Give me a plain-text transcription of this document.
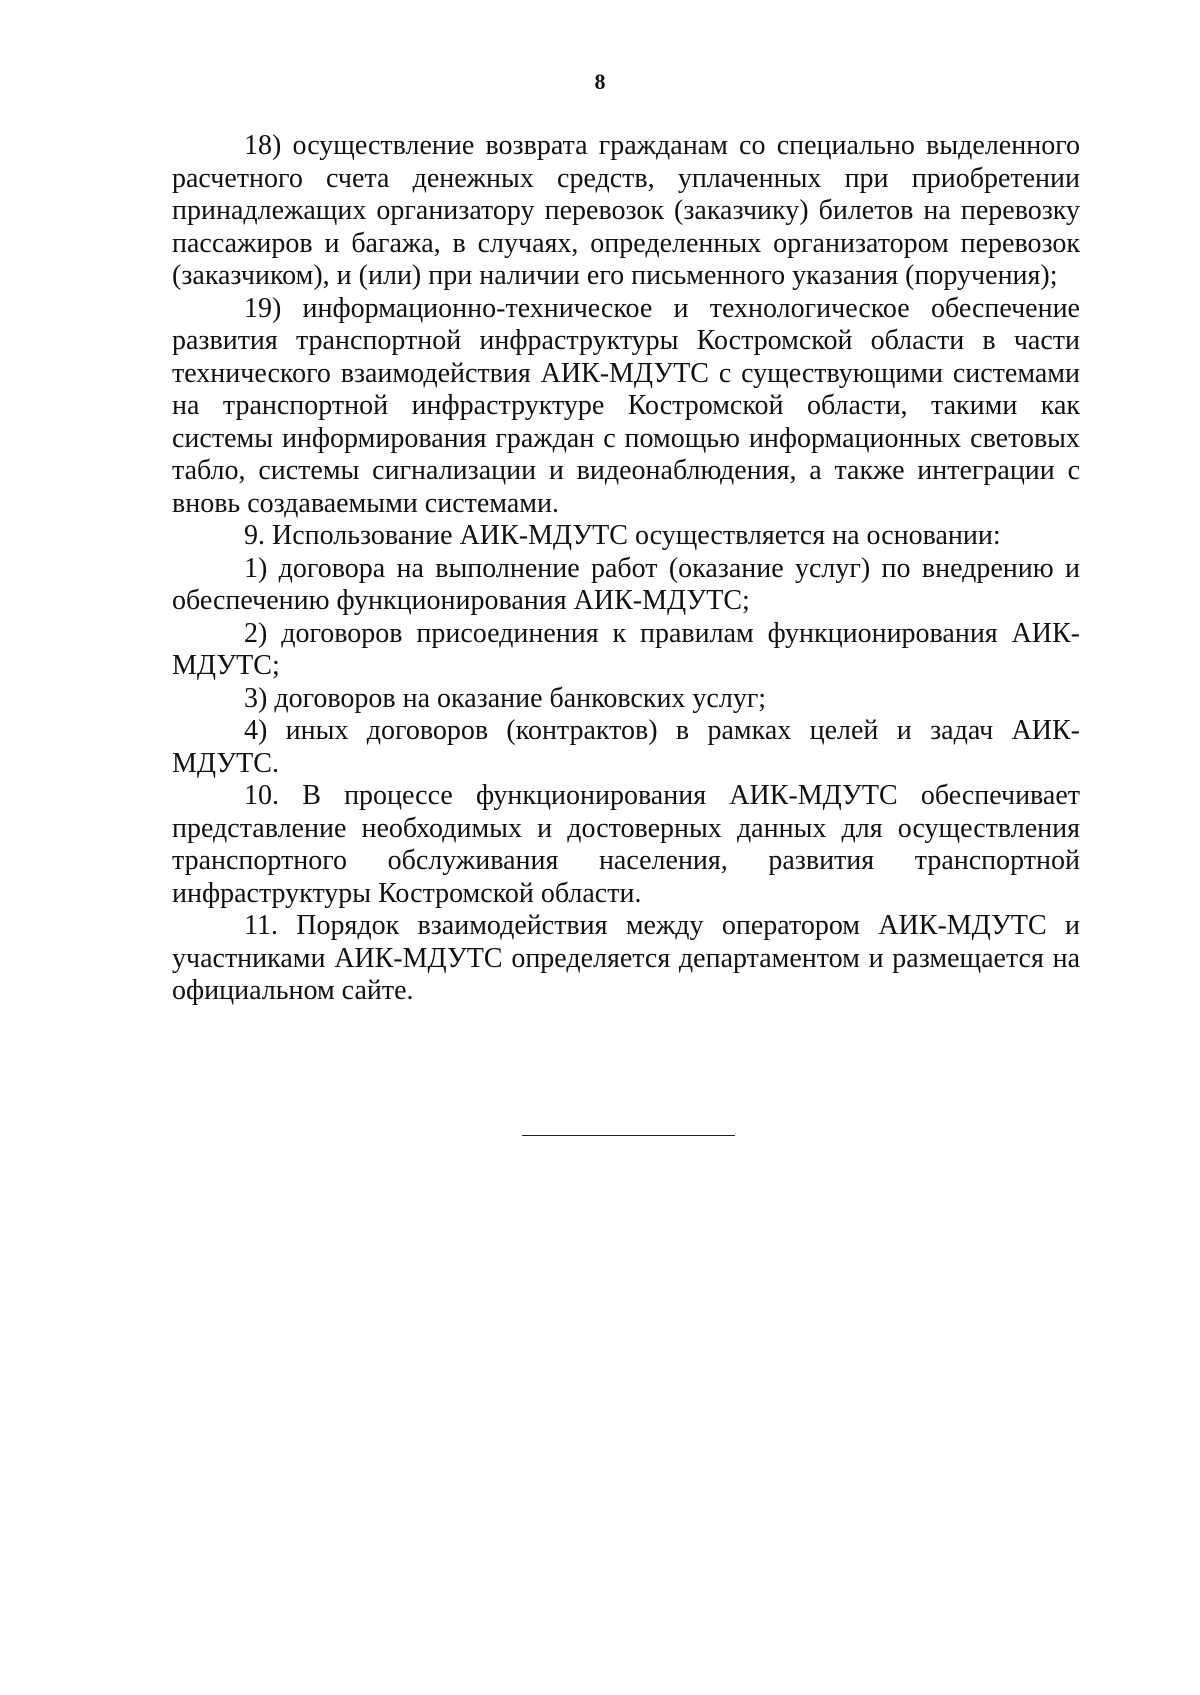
8

18) осуществление возврата гражданам со специально выделенного расчетного счета денежных средств, уплаченных при приобретении принадлежащих организатору перевозок (заказчику) билетов на перевозку пассажиров и багажа, в случаях, определенных организатором перевозок (заказчиком), и (или) при наличии его письменного указания (поручения);

19) информационно-техническое и технологическое обеспечение развития транспортной инфраструктуры Костромской области в части технического взаимодействия АИК-МДУТС с существующими системами на транспортной инфраструктуре Костромской области, такими как системы информирования граждан с помощью информационных световых табло, системы сигнализации и видеонаблюдения, а также интеграции с вновь создаваемыми системами.

9. Использование АИК-МДУТС осуществляется на основании:

1) договора на выполнение работ (оказание услуг) по внедрению и обеспечению функционирования АИК-МДУТС;

2) договоров присоединения к правилам функционирования АИК-МДУТС;

3) договоров на оказание банковских услуг;

4) иных договоров (контрактов) в рамках целей и задач АИК-МДУТС.

10. В процессе функционирования АИК-МДУТС обеспечивает представление необходимых и достоверных данных для осуществления транспортного обслуживания населения, развития транспортной инфраструктуры Костромской области.

11. Порядок взаимодействия между оператором АИК-МДУТС и участниками АИК-МДУТС определяется департаментом и размещается на официальном сайте.
